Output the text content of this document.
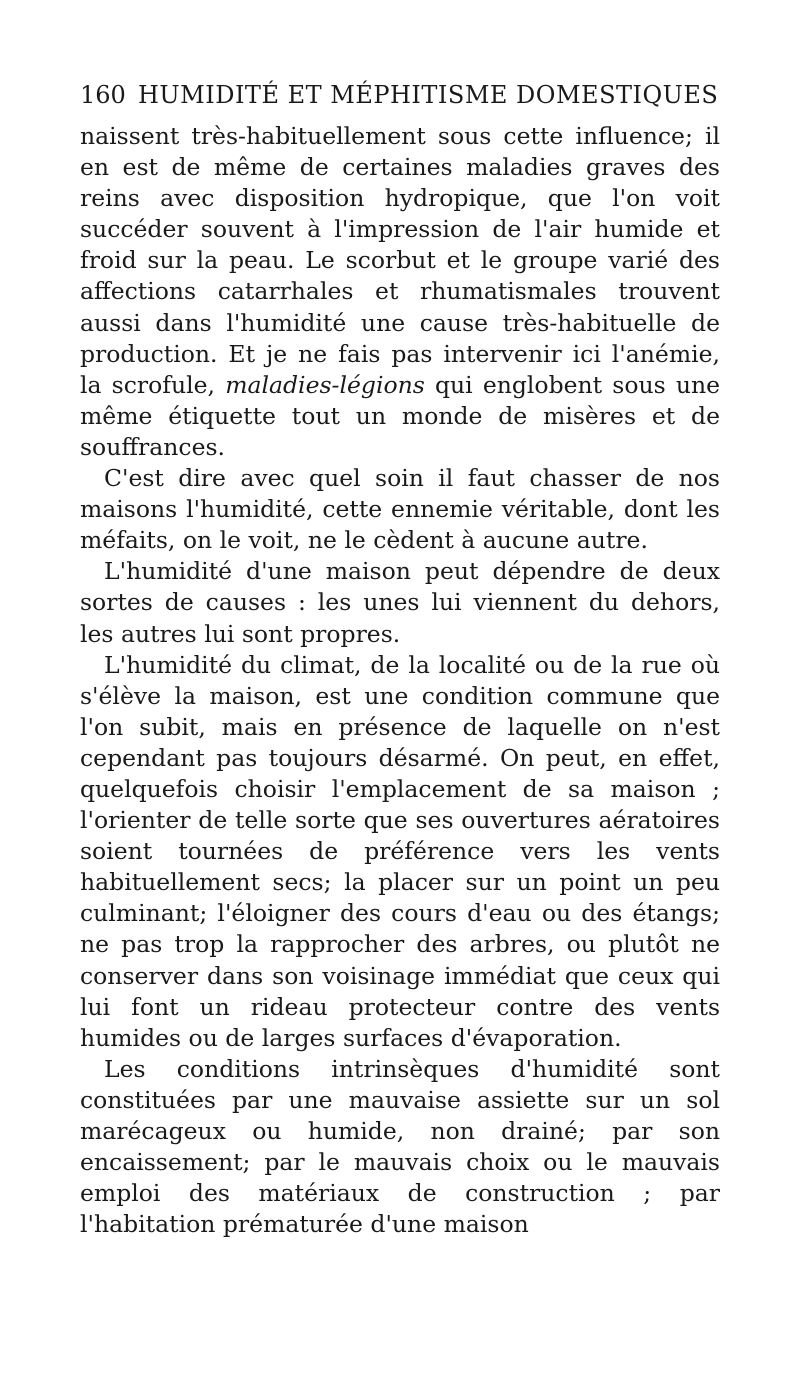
160 HUMIDITÉ ET MÉPHITISME DOMESTIQUES

naissent très-habituellement sous cette influence; il en est de même de certaines maladies graves des reins avec disposition hydropique, que l'on voit succéder souvent à l'impression de l'air humide et froid sur la peau. Le scorbut et le groupe varié des affections catarrhales et rhumatismales trouvent aussi dans l'humidité une cause très-habituelle de production. Et je ne fais pas intervenir ici l'anémie, la scrofule, maladies-légions qui englobent sous une même étiquette tout un monde de misères et de souffrances.

C'est dire avec quel soin il faut chasser de nos maisons l'humidité, cette ennemie véritable, dont les méfaits, on le voit, ne le cèdent à aucune autre.

L'humidité d'une maison peut dépendre de deux sortes de causes : les unes lui viennent du dehors, les autres lui sont propres.

L'humidité du climat, de la localité ou de la rue où s'élève la maison, est une condition commune que l'on subit, mais en présence de laquelle on n'est cependant pas toujours désarmé. On peut, en effet, quelquefois choisir l'emplacement de sa maison ; l'orienter de telle sorte que ses ouvertures aératoires soient tournées de préférence vers les vents habituellement secs; la placer sur un point un peu culminant; l'éloigner des cours d'eau ou des étangs; ne pas trop la rapprocher des arbres, ou plutôt ne conserver dans son voisinage immédiat que ceux qui lui font un rideau protecteur contre des vents humides ou de larges surfaces d'évaporation.

Les conditions intrinsèques d'humidité sont constituées par une mauvaise assiette sur un sol marécageux ou humide, non drainé; par son encaissement; par le mauvais choix ou le mauvais emploi des matériaux de construction ; par l'habitation prématurée d'une maison
